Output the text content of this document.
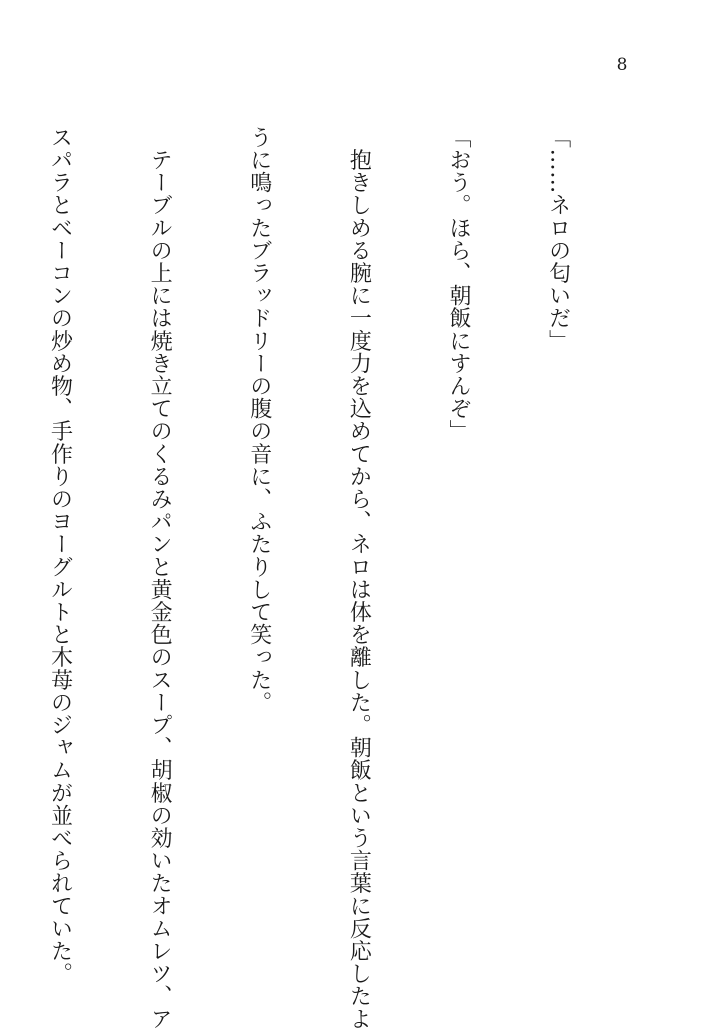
8

「……ネロの匂いだ」

「おう。ほら、朝飯にすんぞ」

　抱きしめる腕に一度力を込めてから、ネロは体を離した。朝飯という言葉に反応したよ

うに鳴ったブラッドリーの腹の音に、ふたりして笑った。

　テーブルの上には焼き立てのくるみパンと黄金色のスープ、胡椒の効いたオムレツ、ア

スパラとベーコンの炒め物、手作りのヨーグルトと木苺のジャムが並べられていた。
